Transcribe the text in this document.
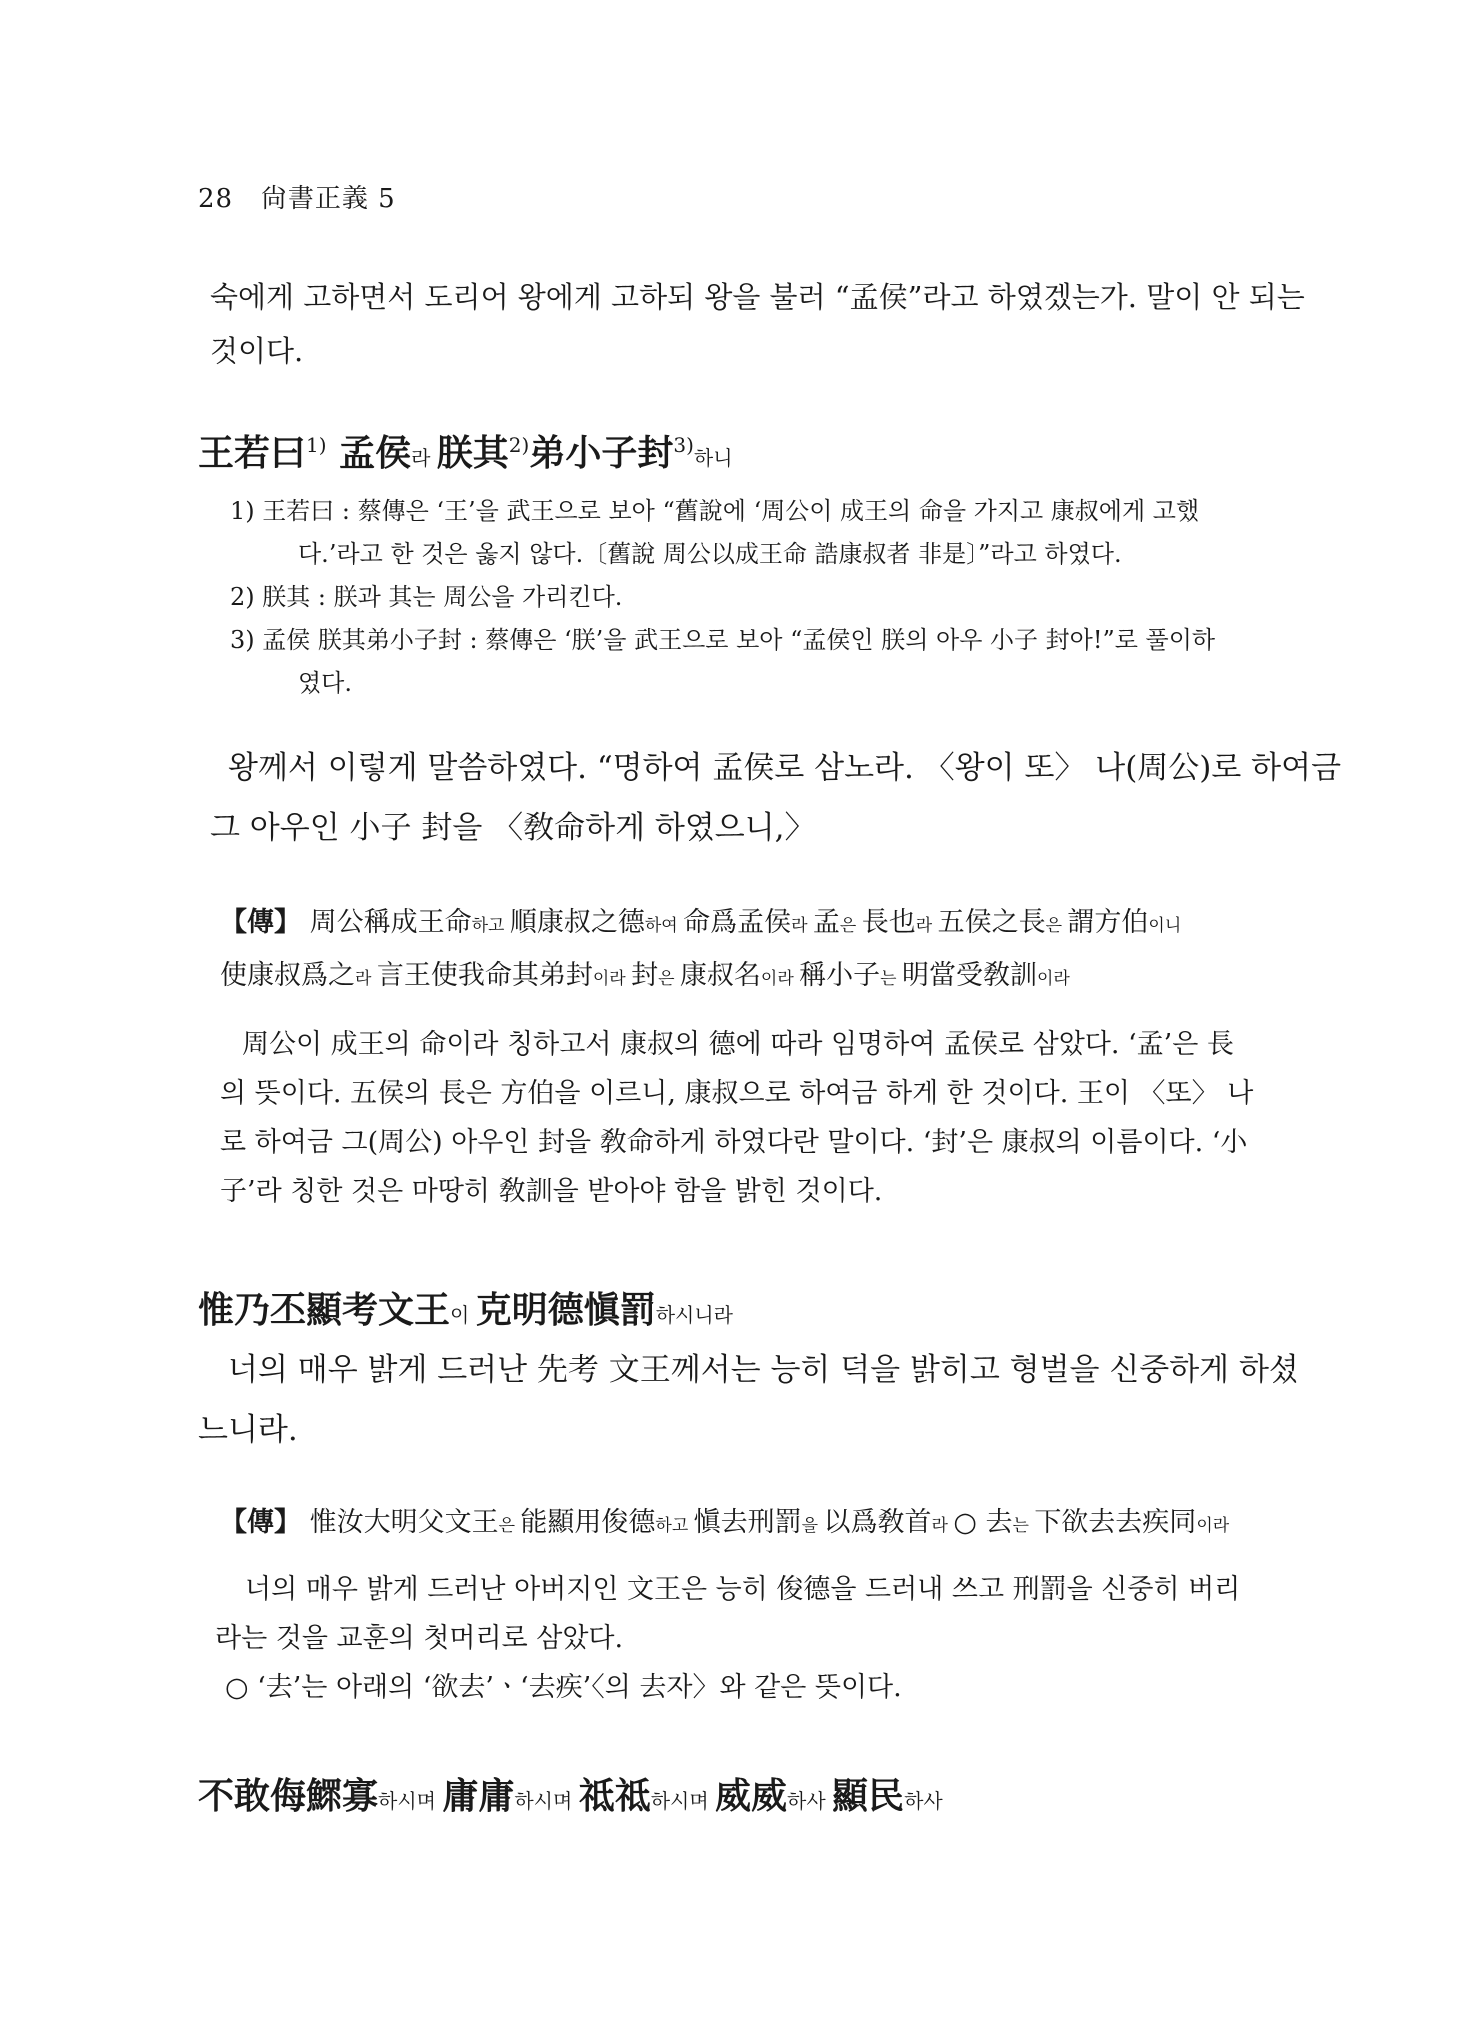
28 尙書正義 5
숙에게 고하면서 도리어 왕에게 고하되 왕을 불러 “孟侯”라고 하였겠는가. 말이 안 되는
것이다.
王若曰$^{1)}$ 孟侯라 朕其$^{2)}$弟小子封$^{3)}$하니
1) 王若曰 : 蔡傳은 ‘王’을 武王으로 보아 “舊說에 ‘周公이 成王의 命을 가지고 康叔에게 고했
다.’라고 한 것은 옳지 않다.〔舊說 周公以成王命 誥康叔者 非是〕”라고 하였다.
2) 朕其 : 朕과 其는 周公을 가리킨다.
3) 孟侯 朕其弟小子封 : 蔡傳은 ‘朕’을 武王으로 보아 “孟侯인 朕의 아우 小子 封아!”로 풀이하
였다.
왕께서 이렇게 말씀하였다. “명하여 孟侯로 삼노라. 〈왕이 또〉 나(周公)로 하여금
그 아우인 小子 封을 〈敎命하게 하였으니,〉
【傳】 周公稱成王命하고 順康叔之德하여 命爲孟侯라 孟은 長也라 五侯之長은 謂方伯이니
使康叔爲之라 言王使我命其弟封이라 封은 康叔名이라 稱小子는 明當受敎訓이라
周公이 成王의 命이라 칭하고서 康叔의 德에 따라 임명하여 孟侯로 삼았다. ‘孟’은 長
의 뜻이다. 五侯의 長은 方伯을 이르니, 康叔으로 하여금 하게 한 것이다. 王이 〈또〉 나
로 하여금 그(周公) 아우인 封을 敎命하게 하였다란 말이다. ‘封’은 康叔의 이름이다. ‘小
子’라 칭한 것은 마땅히 敎訓을 받아야 함을 밝힌 것이다.
惟乃丕顯考文王이 克明德愼罰하시니라
너의 매우 밝게 드러난 先考 文王께서는 능히 덕을 밝히고 형벌을 신중하게 하셨
느니라.
【傳】 惟汝大明父文王은 能顯用俊德하고 愼去刑罰을 以爲敎首라 ○ 去는 下欲去去疾同이라
너의 매우 밝게 드러난 아버지인 文王은 능히 俊德을 드러내 쓰고 刑罰을 신중히 버리
라는 것을 교훈의 첫머리로 삼았다.
○ ‘去’는 아래의 ‘欲去’ㆍ‘去疾’〈의 去자〉와 같은 뜻이다.
不敢侮鰥寡하시며 庸庸하시며 祗祗하시며 威威하사 顯民하사
